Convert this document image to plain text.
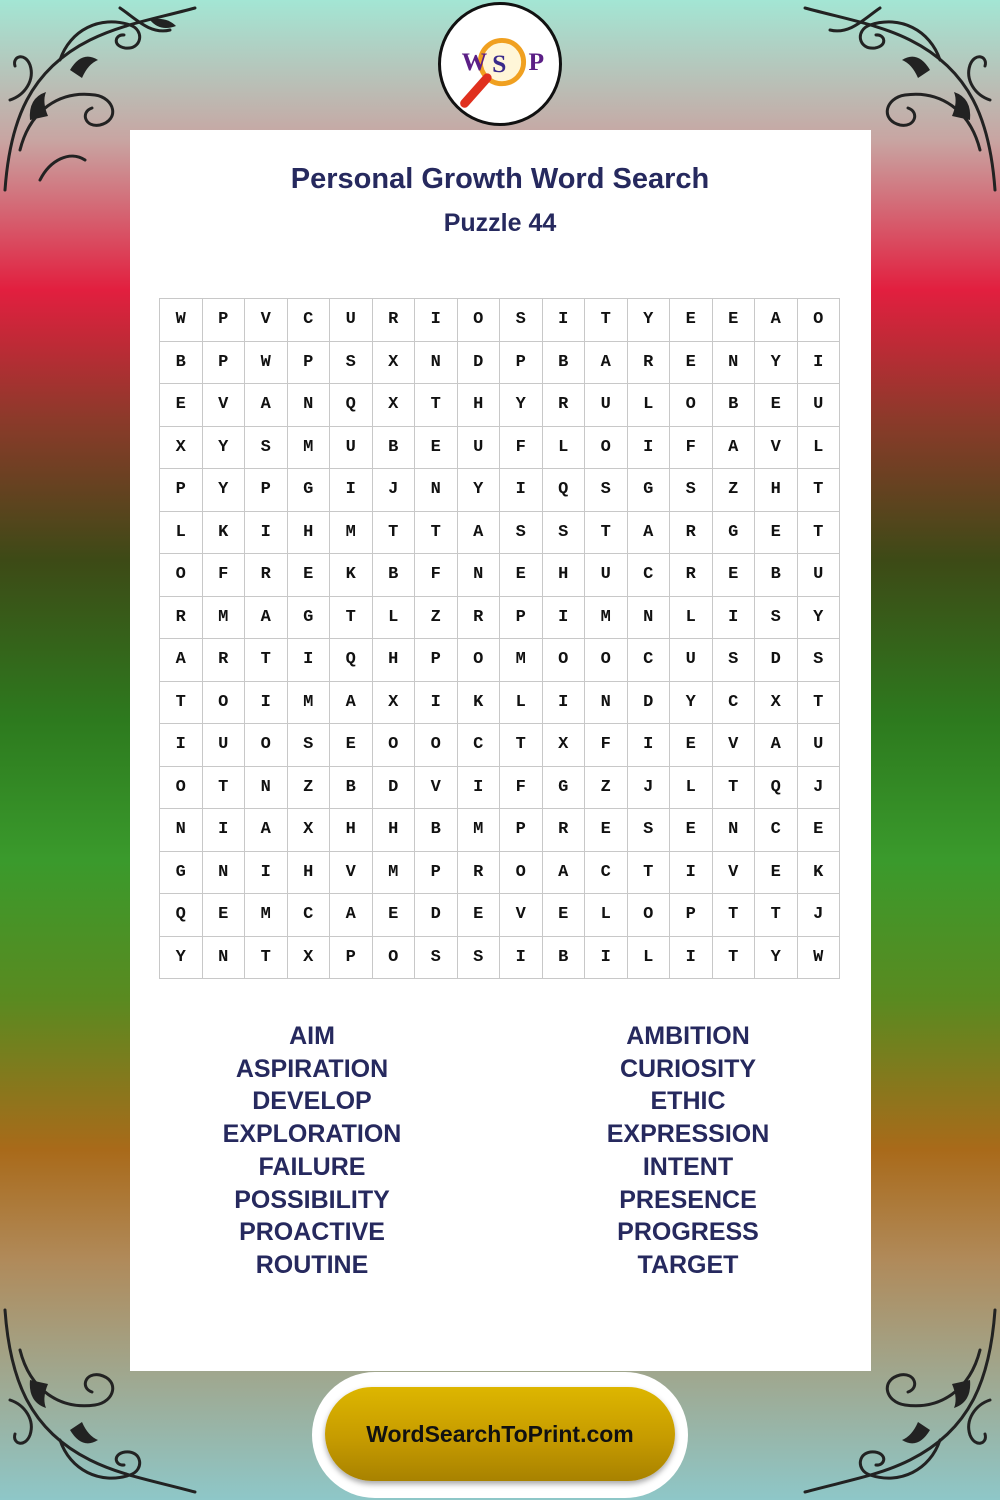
W S P
Personal Growth Word Search
Puzzle 44
W	P	V	C	U	R	I	O	S	I	T	Y	E	E	A	O
B	P	W	P	S	X	N	D	P	B	A	R	E	N	Y	I
E	V	A	N	Q	X	T	H	Y	R	U	L	O	B	E	U
X	Y	S	M	U	B	E	U	F	L	O	I	F	A	V	L
P	Y	P	G	I	J	N	Y	I	Q	S	G	S	Z	H	T
L	K	I	H	M	T	T	A	S	S	T	A	R	G	E	T
O	F	R	E	K	B	F	N	E	H	U	C	R	E	B	U
R	M	A	G	T	L	Z	R	P	I	M	N	L	I	S	Y
A	R	T	I	Q	H	P	O	M	O	O	C	U	S	D	S
T	O	I	M	A	X	I	K	L	I	N	D	Y	C	X	T
I	U	O	S	E	O	O	C	T	X	F	I	E	V	A	U
O	T	N	Z	B	D	V	I	F	G	Z	J	L	T	Q	J
N	I	A	X	H	H	B	M	P	R	E	S	E	N	C	E
G	N	I	H	V	M	P	R	O	A	C	T	I	V	E	K
Q	E	M	C	A	E	D	E	V	E	L	O	P	T	T	J
Y	N	T	X	P	O	S	S	I	B	I	L	I	T	Y	W
AIM
ASPIRATION
DEVELOP
EXPLORATION
FAILURE
POSSIBILITY
PROACTIVE
ROUTINE
AMBITION
CURIOSITY
ETHIC
EXPRESSION
INTENT
PRESENCE
PROGRESS
TARGET
WordSearchToPrint.com
